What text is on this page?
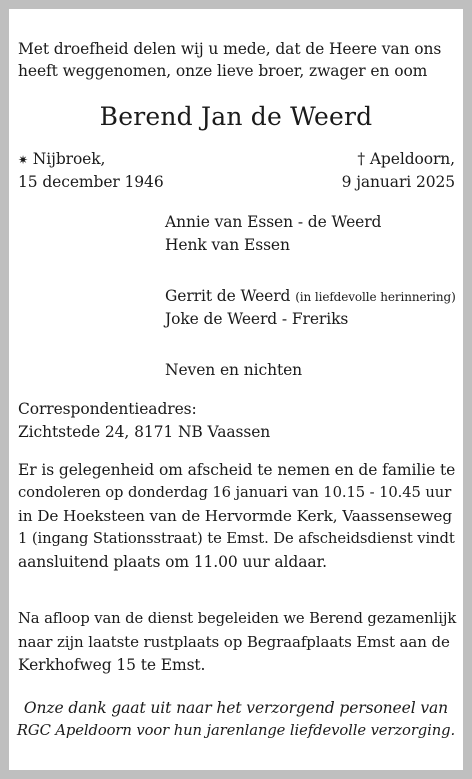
Met droefheid delen wij u mede, dat de Heere van ons
heeft weggenomen, onze lieve broer, zwager en oom
Berend Jan de Weerd
✷ Nijbroek,
15 december 1946
† Apeldoorn,
9 januari 2025
Annie van Essen - de Weerd
Henk van Essen
Gerrit de Weerd (in liefdevolle herinnering)
Joke de Weerd - Freriks
Neven en nichten
Correspondentieadres:
Zichtstede 24, 8171 NB Vaassen
Er is gelegenheid om afscheid te nemen en de familie te
condoleren op donderdag 16 januari van 10.15 - 10.45 uur
in De Hoeksteen van de Hervormde Kerk, Vaassenseweg
1 (ingang Stationsstraat) te Emst. De afscheidsdienst vindt
aansluitend plaats om 11.00 uur aldaar.
Na afloop van de dienst begeleiden we Berend gezamenlijk
naar zijn laatste rustplaats op Begraafplaats Emst aan de
Kerkhofweg 15 te Emst.
Onze dank gaat uit naar het verzorgend personeel van
RGC Apeldoorn voor hun jarenlange liefdevolle verzorging.
